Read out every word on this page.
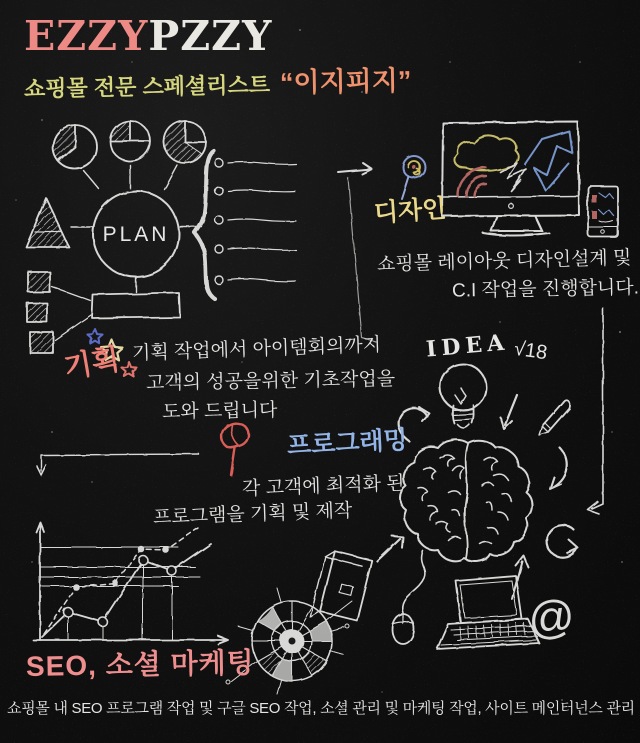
EZZYPZZY
쇼핑몰 전문 스페셜리스트 “이지피지”
PLAN
디자인
쇼핑몰 레이아웃 디자인설계 및
C.I 작업을 진행합니다.
기획 기획 작업에서 아이템회의까지
고객의 성공을위한 기초작업을
도와 드립니다
프로그래밍
각 고객에 최적화 된
프로그램을 기획 및 제작
IDEA √18
@
SEO, 소셜 마케팅
쇼핑몰 내 SEO 프로그램 작업 및 구글 SEO 작업, 소셜 관리 및 마케팅 작업, 사이트 메인터넌스 관리
